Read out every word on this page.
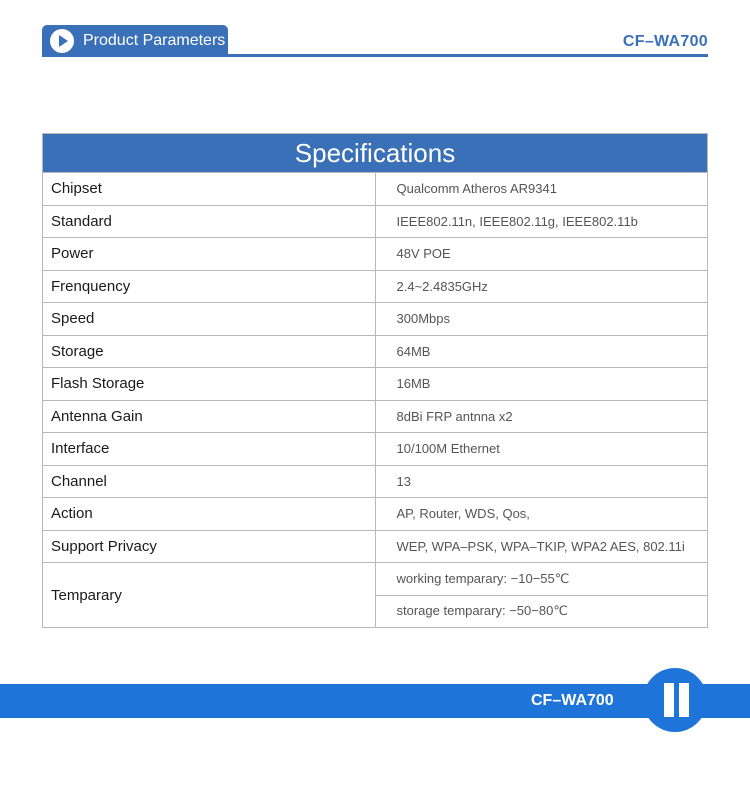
Product Parameters	CF–WA700
Specifications	
Chipset	Qualcomm Atheros AR9341
Standard	IEEE802.11n, IEEE802.11g, IEEE802.11b
Power	48V POE
Frenquency	2.4~2.4835GHz
Speed	300Mbps
Storage	64MB
Flash Storage	16MB
Antenna Gain	8dBi FRP antnna x2
Interface	10/100M Ethernet
Channel	13
Action	AP, Router, WDS, Qos,
Support Privacy	WEP, WPA–PSK, WPA–TKIP, WPA2 AES, 802.11i
Temparary	working temparary: −10−55℃
	storage temparary: −50−80℃
CF–WA700
